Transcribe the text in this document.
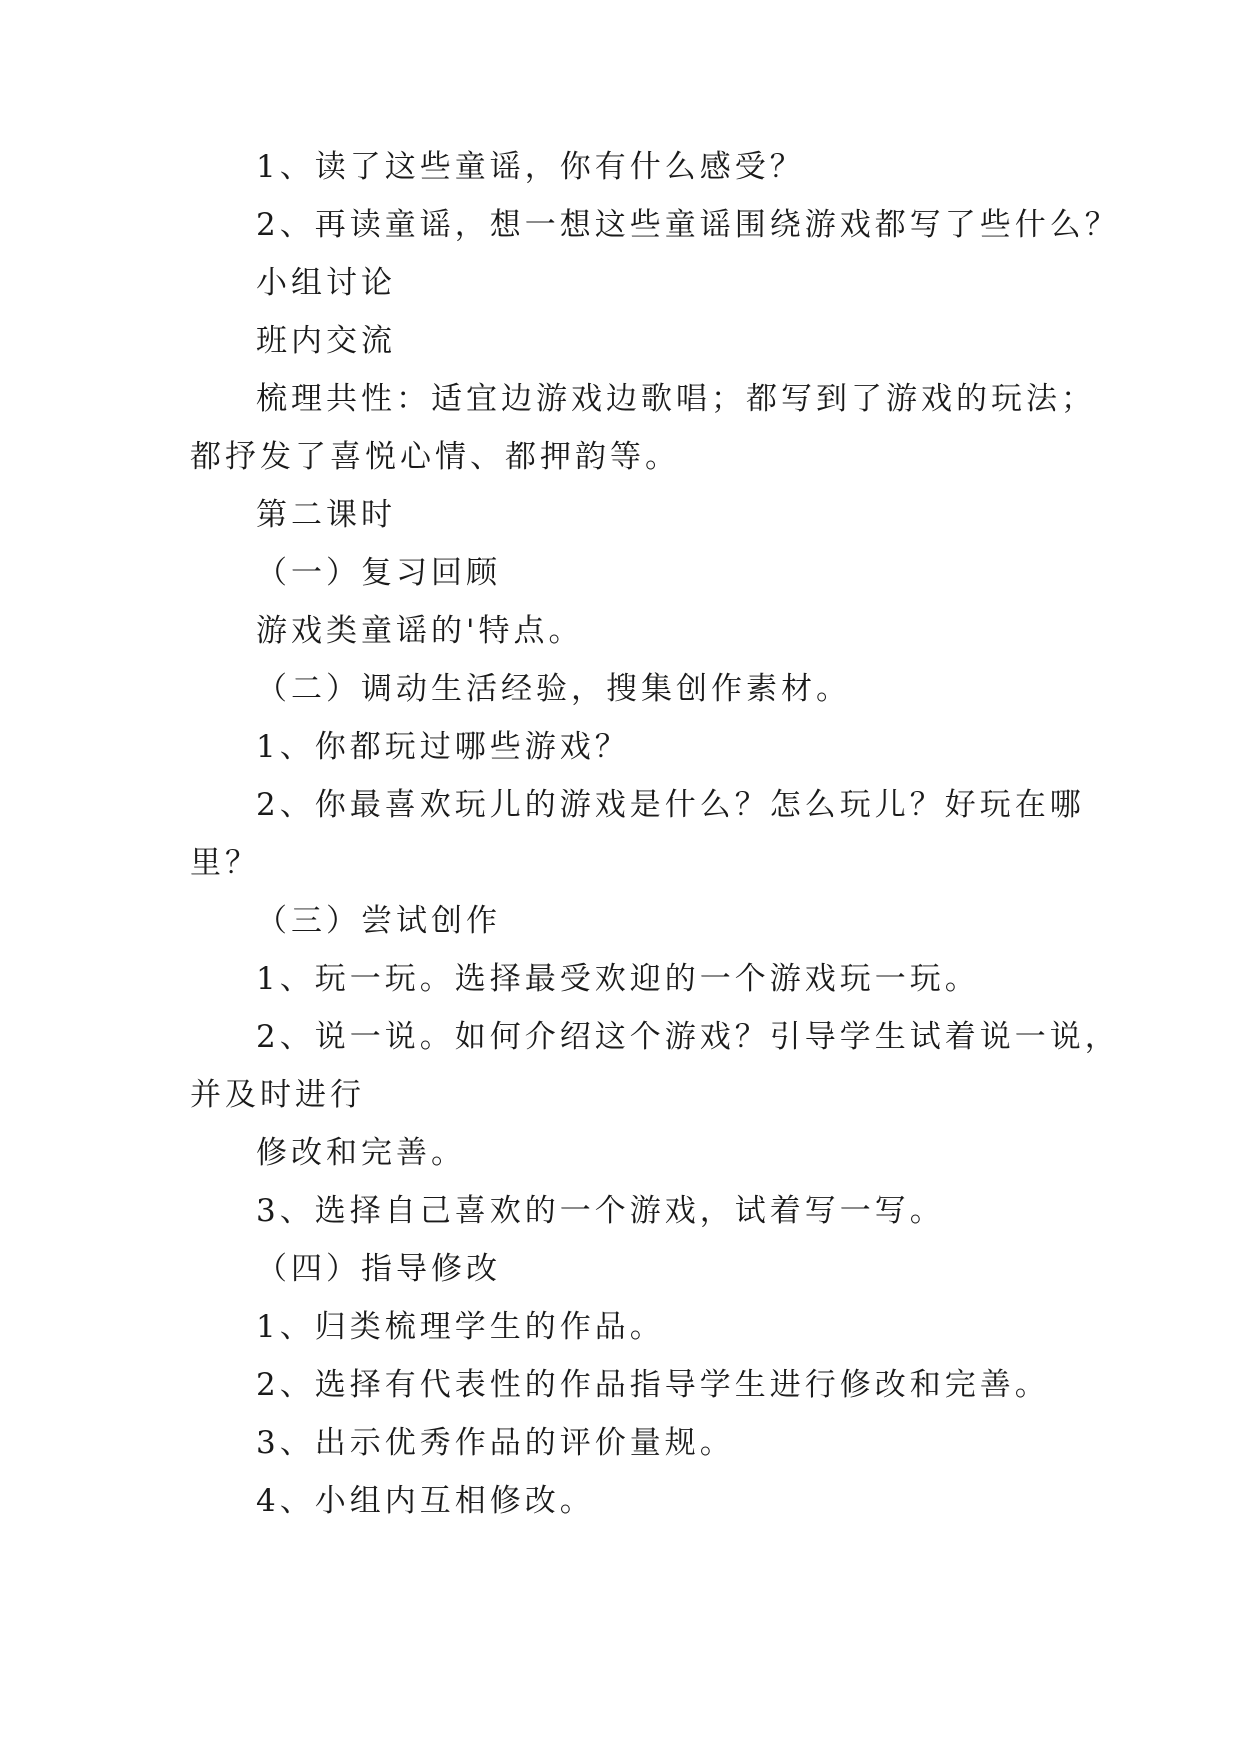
1、读了这些童谣，你有什么感受？

2、再读童谣，想一想这些童谣围绕游戏都写了些什么？

小组讨论

班内交流

梳理共性：适宜边游戏边歌唱；都写到了游戏的玩法；

都抒发了喜悦心情、都押韵等。

第二课时

（一）复习回顾

游戏类童谣的'特点。

（二）调动生活经验，搜集创作素材。

1、你都玩过哪些游戏？

2、你最喜欢玩儿的游戏是什么？怎么玩儿？好玩在哪

里？

（三）尝试创作

1、玩一玩。选择最受欢迎的一个游戏玩一玩。

2、说一说。如何介绍这个游戏？引导学生试着说一说，

并及时进行

修改和完善。

3、选择自己喜欢的一个游戏，试着写一写。

（四）指导修改

1、归类梳理学生的作品。

2、选择有代表性的作品指导学生进行修改和完善。

3、出示优秀作品的评价量规。

4、小组内互相修改。
